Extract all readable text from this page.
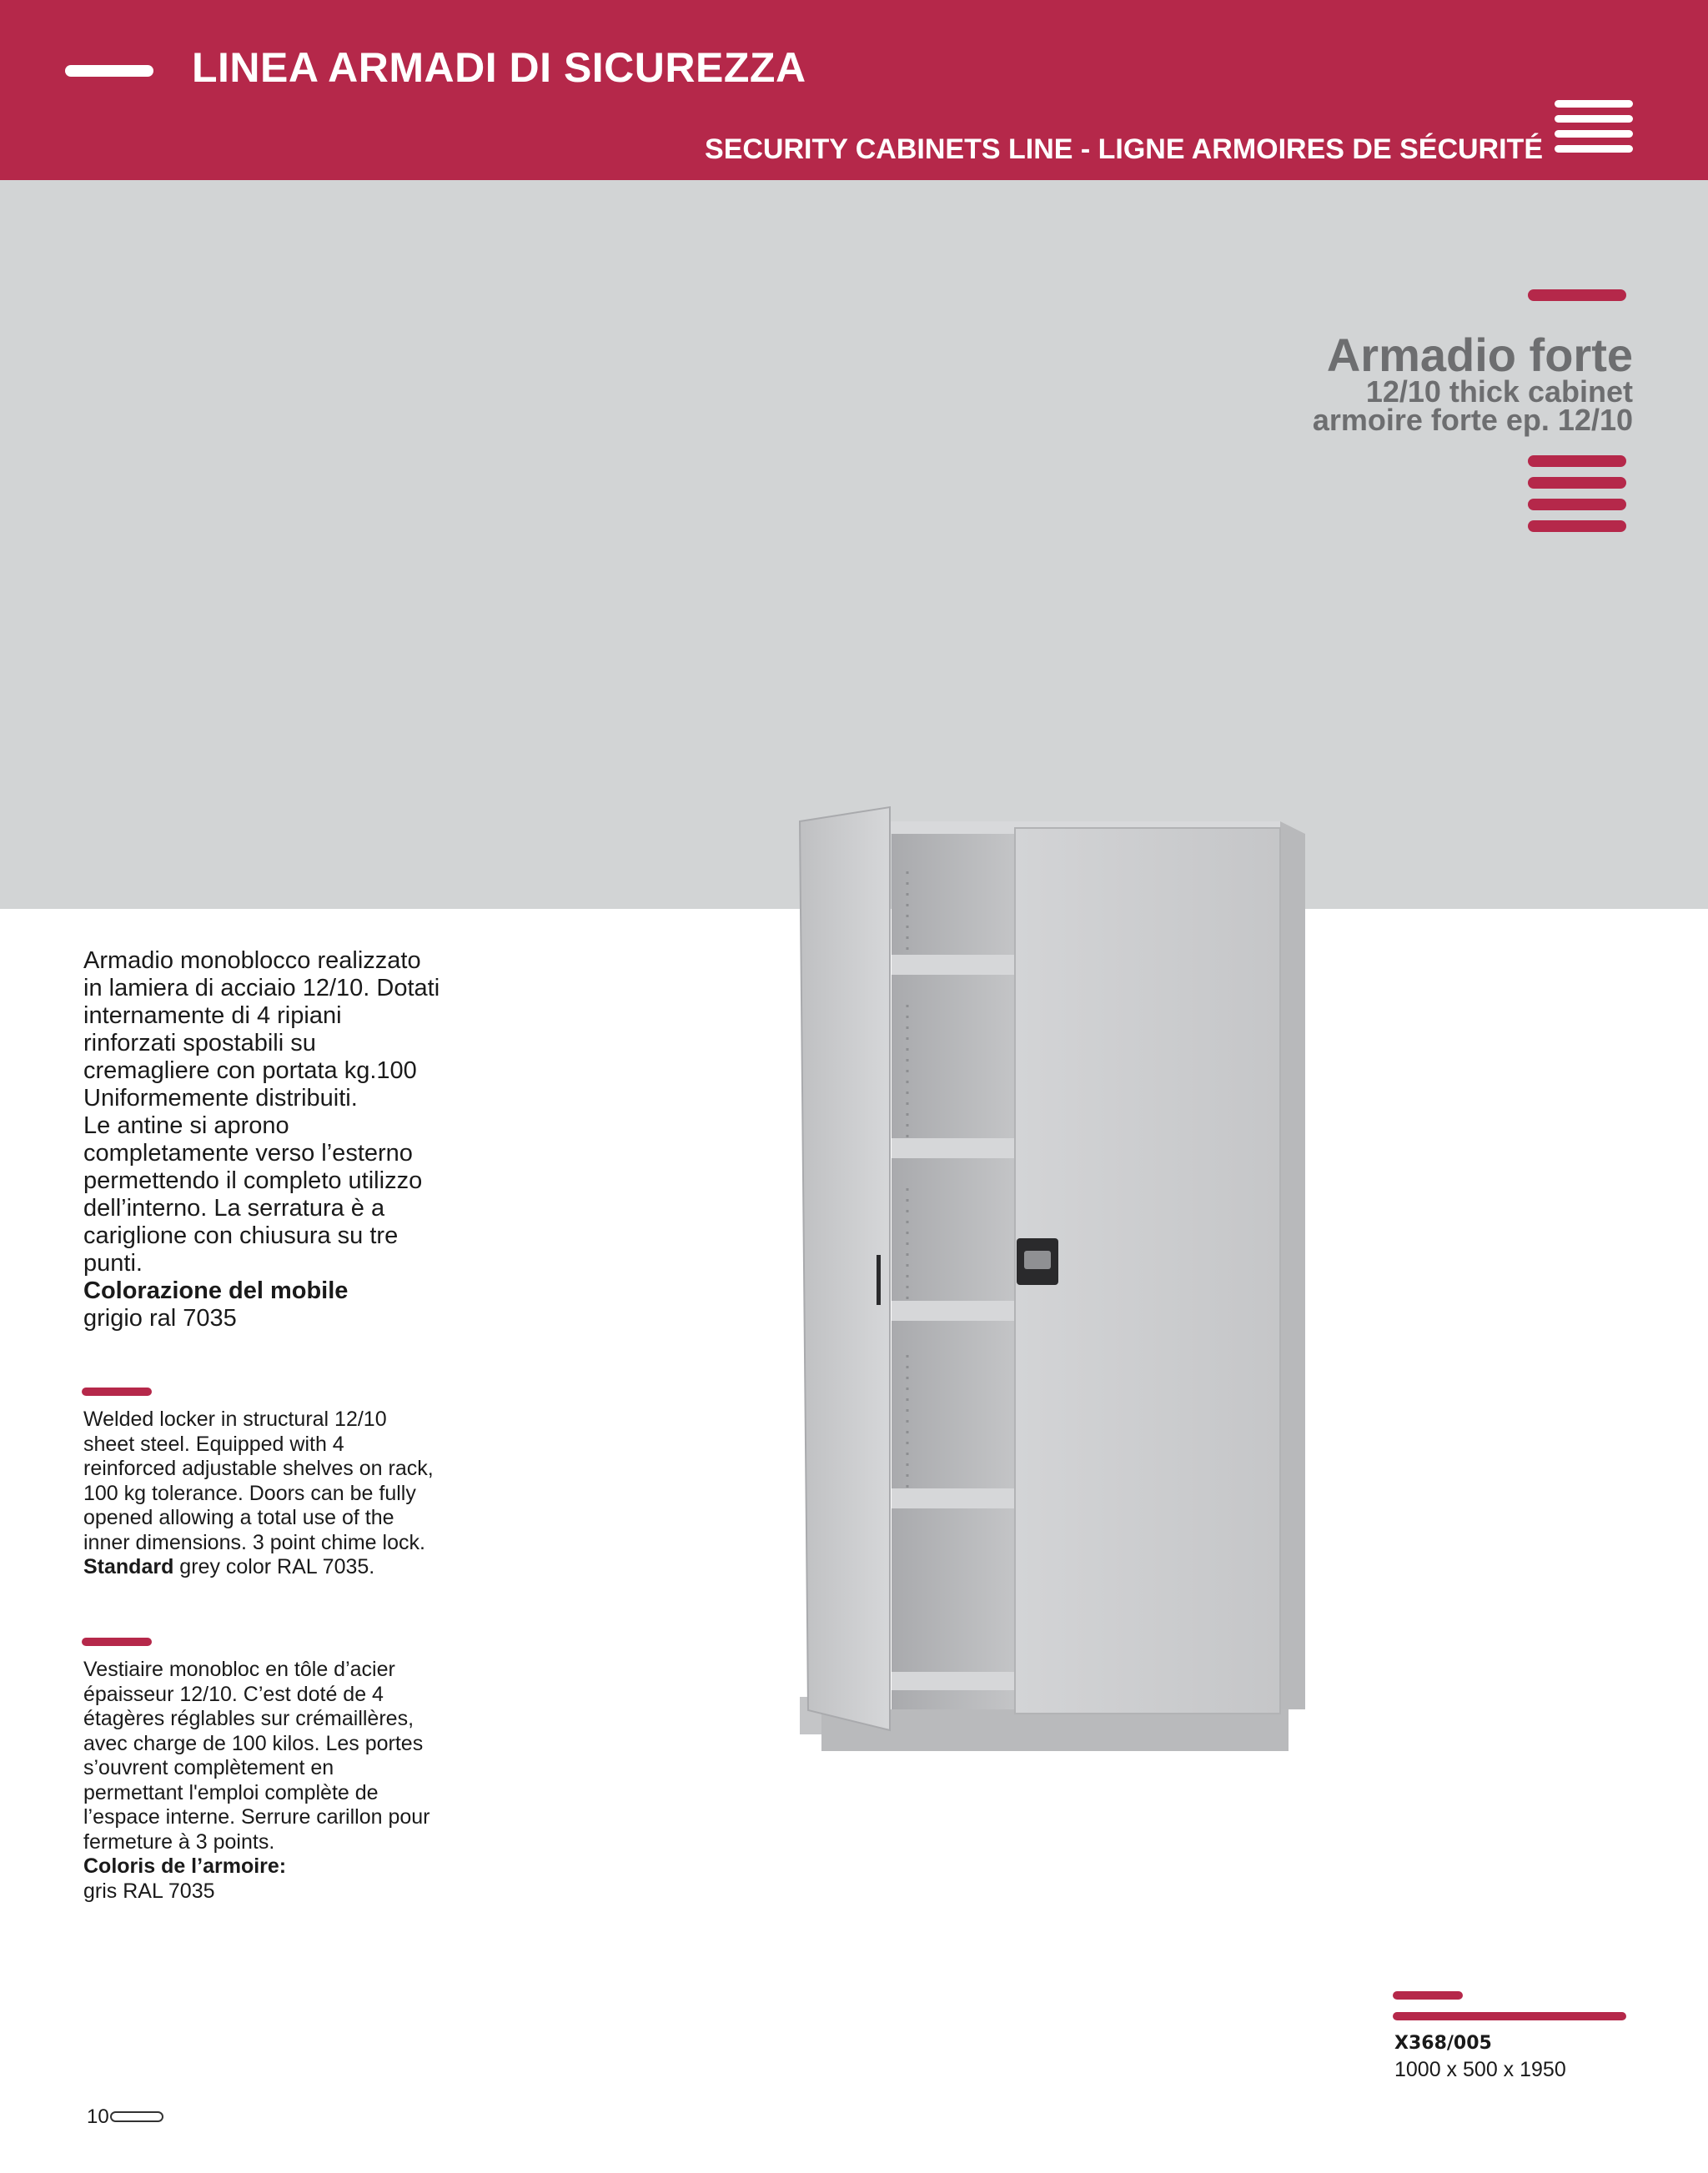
LINEA ARMADI DI SICUREZZA
SECURITY CABINETS LINE - LIGNE ARMOIRES DE SÉCURITÉ
Armadio forte
12/10 thick cabinet
armoire forte ep. 12/10
Armadio monoblocco realizzato
in lamiera di acciaio 12/10. Dotati
internamente di 4 ripiani
rinforzati spostabili su
cremagliere con portata kg.100
Uniformemente distribuiti.
Le antine si aprono
completamente verso l’esterno
permettendo il completo utilizzo
dell’interno. La serratura è a
cariglione con chiusura su tre
punti.
Colorazione del mobile
grigio ral 7035
Welded locker in structural 12/10
sheet steel. Equipped with 4
reinforced adjustable shelves on rack,
100 kg tolerance. Doors can be fully
opened allowing a total use of the
inner dimensions. 3 point chime lock.
Standard grey color RAL 7035.
Vestiaire monobloc en tôle d’acier
épaisseur 12/10. C’est doté de 4
étagères réglables sur crémaillères,
avec charge de 100 kilos. Les portes
s’ouvrent complètement en
permettant l'emploi complète de
l’espace interne. Serrure carillon pour
fermeture à 3 points.
Coloris de l’armoire:
gris RAL 7035
X368/005
1000 x 500 x 1950
10
